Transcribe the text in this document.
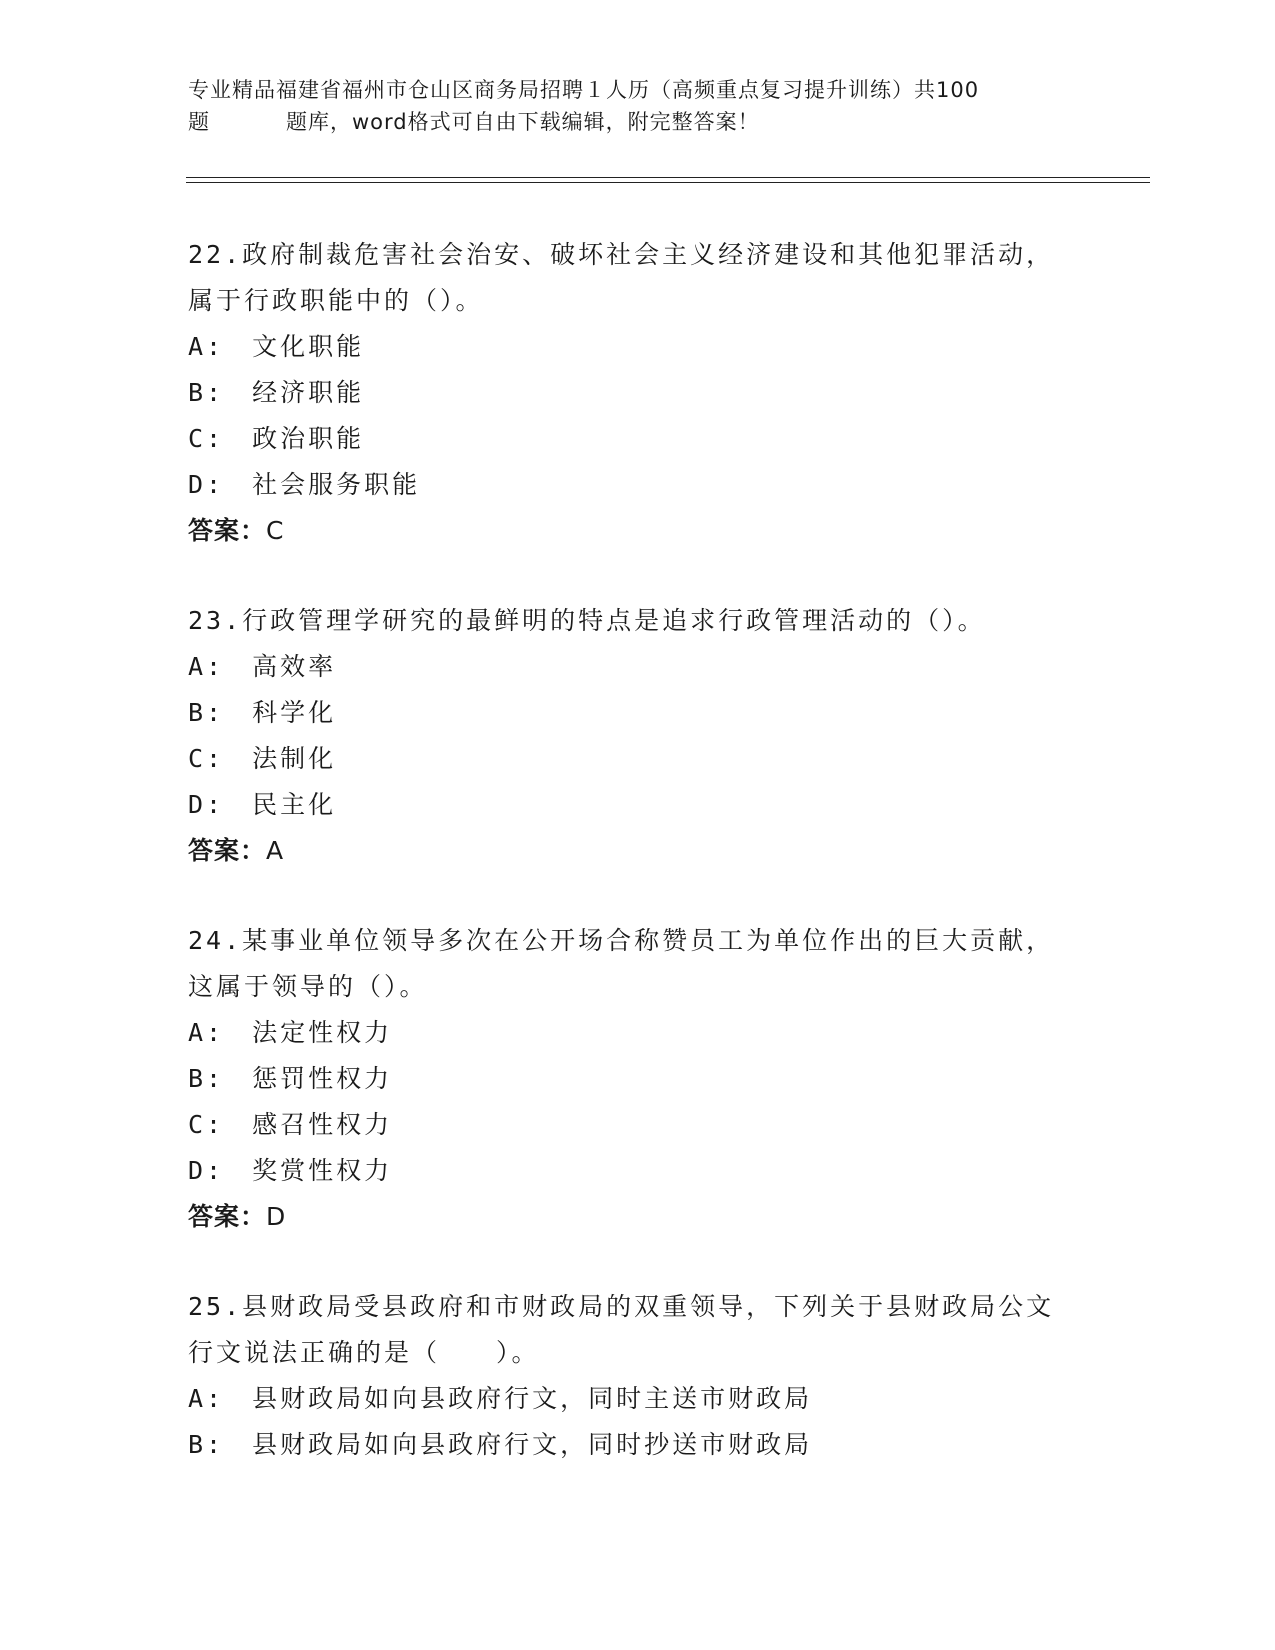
专业精品福建省福州市仓山区商务局招聘１人历（高频重点复习提升训练）共100
题	题库，word格式可自由下载编辑，附完整答案！
22.政府制裁危害社会治安、破坏社会主义经济建设和其他犯罪活动，
属于行政职能中的（）。
A: 文化职能
B: 经济职能
C: 政治职能
D: 社会服务职能
答案：C
23.行政管理学研究的最鲜明的特点是追求行政管理活动的（）。
A: 高效率
B: 科学化
C: 法制化
D: 民主化
答案：A
24.某事业单位领导多次在公开场合称赞员工为单位作出的巨大贡献，
这属于领导的（）。
A: 法定性权力
B: 惩罚性权力
C: 感召性权力
D: 奖赏性权力
答案：D
25.县财政局受县政府和市财政局的双重领导，下列关于县财政局公文
行文说法正确的是（　　）。
A: 县财政局如向县政府行文，同时主送市财政局
B: 县财政局如向县政府行文，同时抄送市财政局
